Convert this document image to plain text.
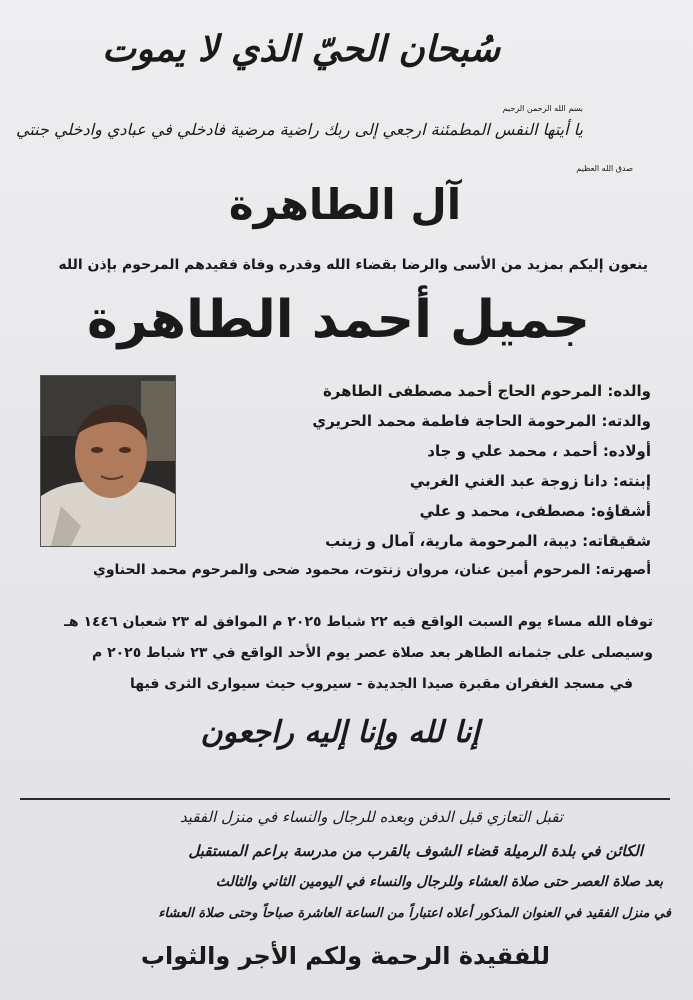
سُبحان الحيّ الذي لا يموت
بسم الله الرحمن الرحيم
يا أيتها النفس المطمئنة ارجعي إلى ربك راضية مرضية فادخلي في عبادي وادخلي جنتي
صدق الله العظيم
آل الطاهرة
ينعون إليكم بمزيد من الأسى والرضا بقضاء الله وقدره وفاة فقيدهم المرحوم بإذن الله
جميل أحمد الطاهرة
والده: المرحوم الحاج أحمد مصطفى الطاهرة
والدته: المرحومة الحاجة فاطمة محمد الحريري
أولاده: أحمد ، محمد علي و جاد
إبنته: دانا زوجة عبد الغني الغربي
أشقاؤه: مصطفى، محمد و علي
شقيقاته: ديبة، المرحومة مارية، آمال و زينب
أصهرته: المرحوم أمين عنان، مروان زنتوت، محمود ضحى والمرحوم محمد الحناوي
توفاه الله مساء يوم السبت الواقع فيه ٢٢ شباط ٢٠٢٥ م الموافق له ٢٣ شعبان ١٤٤٦ هـ
وسيصلى على جثمانه الطاهر بعد صلاة عصر يوم الأحد الواقع في ٢٣ شباط ٢٠٢٥ م
في مسجد الغفران مقبرة صيدا الجديدة - سيروب حيث سيوارى الثرى فيها
إنا لله وإنا إليه راجعون
تقبل التعازي قبل الدفن وبعده للرجال والنساء في منزل الفقيد
الكائن في بلدة الرميلة قضاء الشوف بالقرب من مدرسة براعم المستقبل
بعد صلاة العصر حتى صلاة العشاء وللرجال والنساء في اليومين الثاني والثالث
في منزل الفقيد في العنوان المذكور أعلاه اعتباراً من الساعة العاشرة صباحاً وحتى صلاة العشاء
للفقيدة الرحمة ولكم الأجر والثواب
